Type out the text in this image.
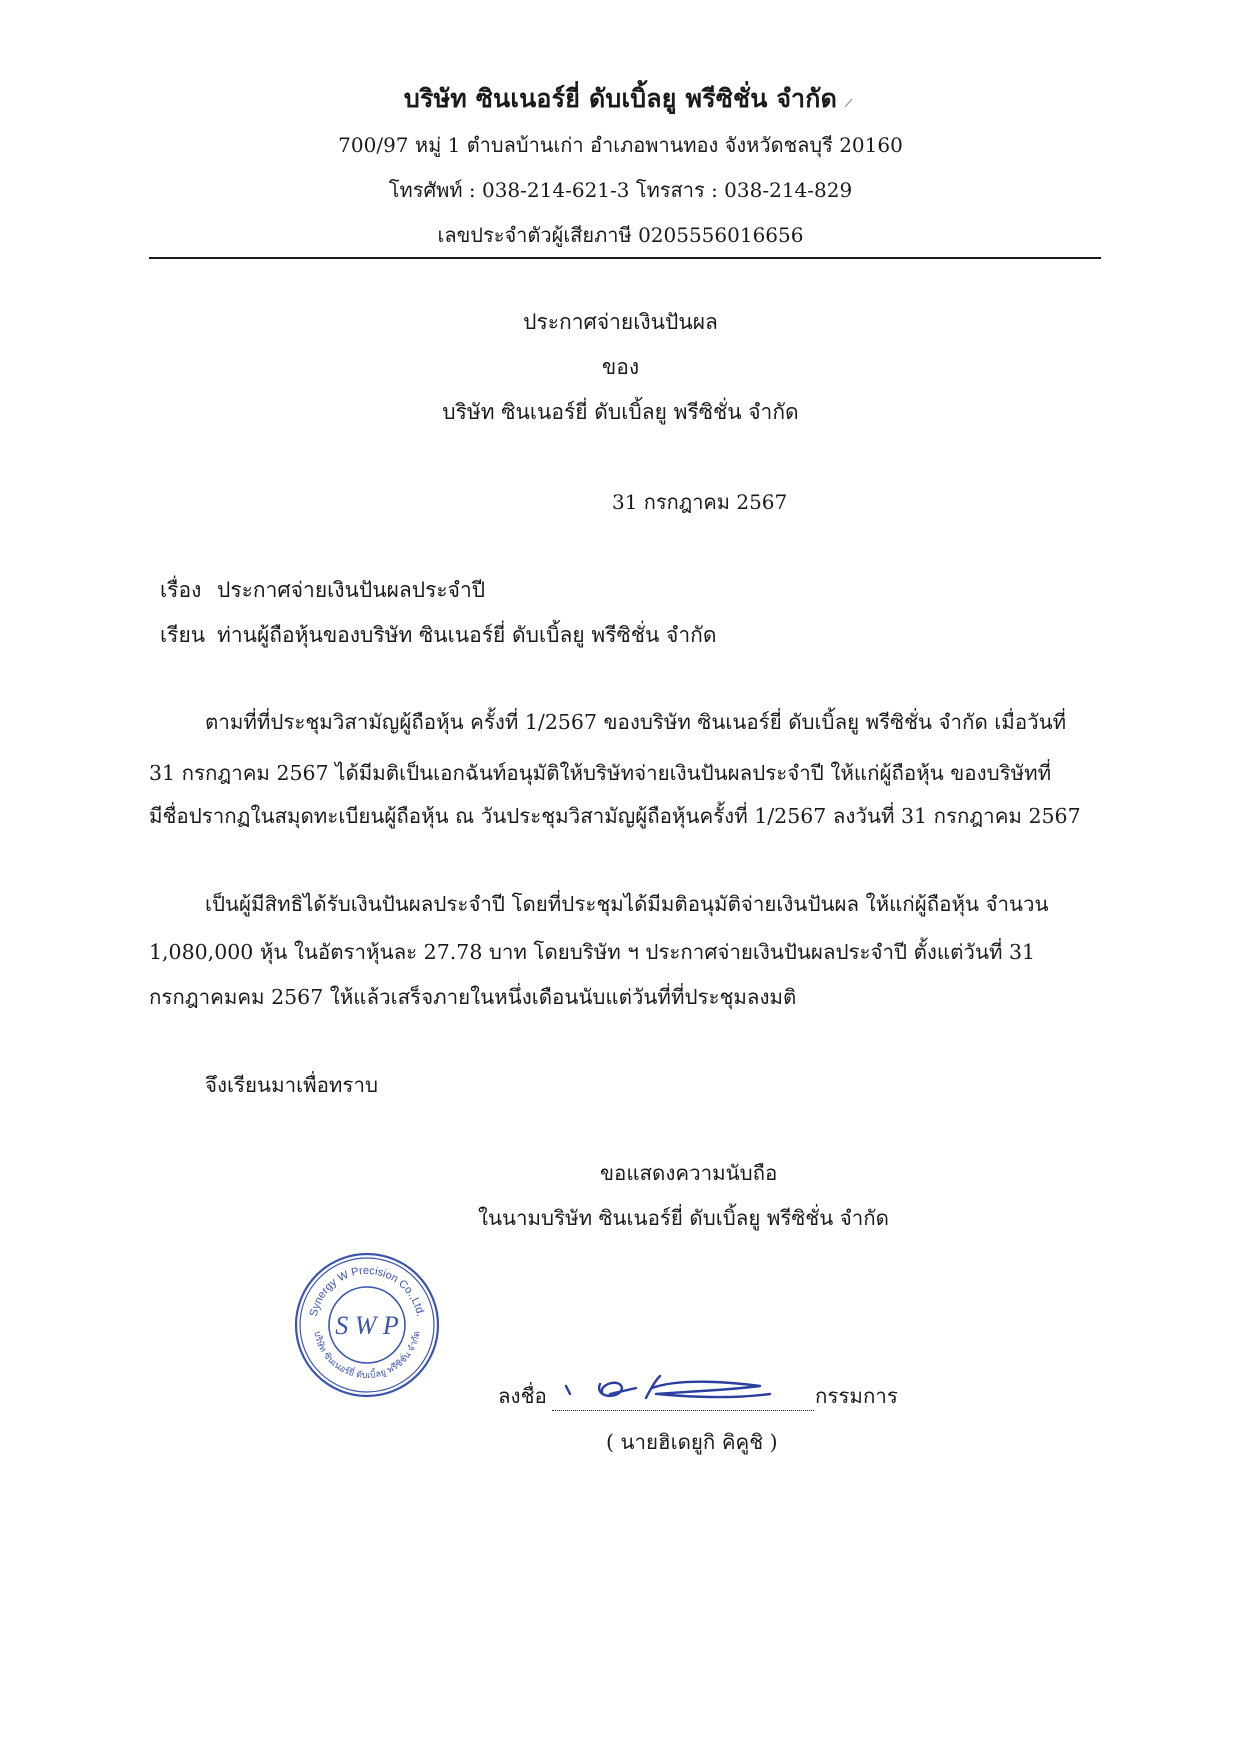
บริษัท ซินเนอร์ยี่ ดับเบิ้ลยู พรีซิชั่น จำกัด
700/97 หมู่ 1 ตำบลบ้านเก่า อำเภอพานทอง จังหวัดชลบุรี 20160
โทรศัพท์ : 038-214-621-3 โทรสาร : 038-214-829
เลขประจำตัวผู้เสียภาษี 0205556016656
ประกาศจ่ายเงินปันผล
ของ
บริษัท ซินเนอร์ยี่ ดับเบิ้ลยู พรีซิชั่น จำกัด
31 กรกฎาคม 2567
เรื่อง ประกาศจ่ายเงินปันผลประจำปี
เรียน ท่านผู้ถือหุ้นของบริษัท ซินเนอร์ยี่ ดับเบิ้ลยู พรีซิชั่น จำกัด
ตามที่ที่ประชุมวิสามัญผู้ถือหุ้น ครั้งที่ 1/2567 ของบริษัท ซินเนอร์ยี่ ดับเบิ้ลยู พรีซิชั่น จำกัด เมื่อวันที่
31 กรกฎาคม 2567 ได้มีมติเป็นเอกฉันท์อนุมัติให้บริษัทจ่ายเงินปันผลประจำปี ให้แก่ผู้ถือหุ้น ของบริษัทที่
มีชื่อปรากฏในสมุดทะเบียนผู้ถือหุ้น ณ วันประชุมวิสามัญผู้ถือหุ้นครั้งที่ 1/2567 ลงวันที่ 31 กรกฎาคม 2567
เป็นผู้มีสิทธิได้รับเงินปันผลประจำปี โดยที่ประชุมได้มีมติอนุมัติจ่ายเงินปันผล ให้แก่ผู้ถือหุ้น จำนวน
1,080,000 หุ้น ในอัตราหุ้นละ 27.78 บาท โดยบริษัท ฯ ประกาศจ่ายเงินปันผลประจำปี ตั้งแต่วันที่ 31
กรกฎาคมคม 2567 ให้แล้วเสร็จภายในหนึ่งเดือนนับแต่วันที่ที่ประชุมลงมติ
จึงเรียนมาเพื่อทราบ
ขอแสดงความนับถือ
ในนามบริษัท ซินเนอร์ยี่ ดับเบิ้ลยู พรีซิชั่น จำกัด
Synergy W Precision Co.,Ltd.
บริษัท ซินเนอร์ยี่ ดับเบิ้ลยู พรีซิชั่น จำกัด
S W P
ลงชื่อ	กรรมการ
( นายฮิเดยูกิ คิคูชิ )
